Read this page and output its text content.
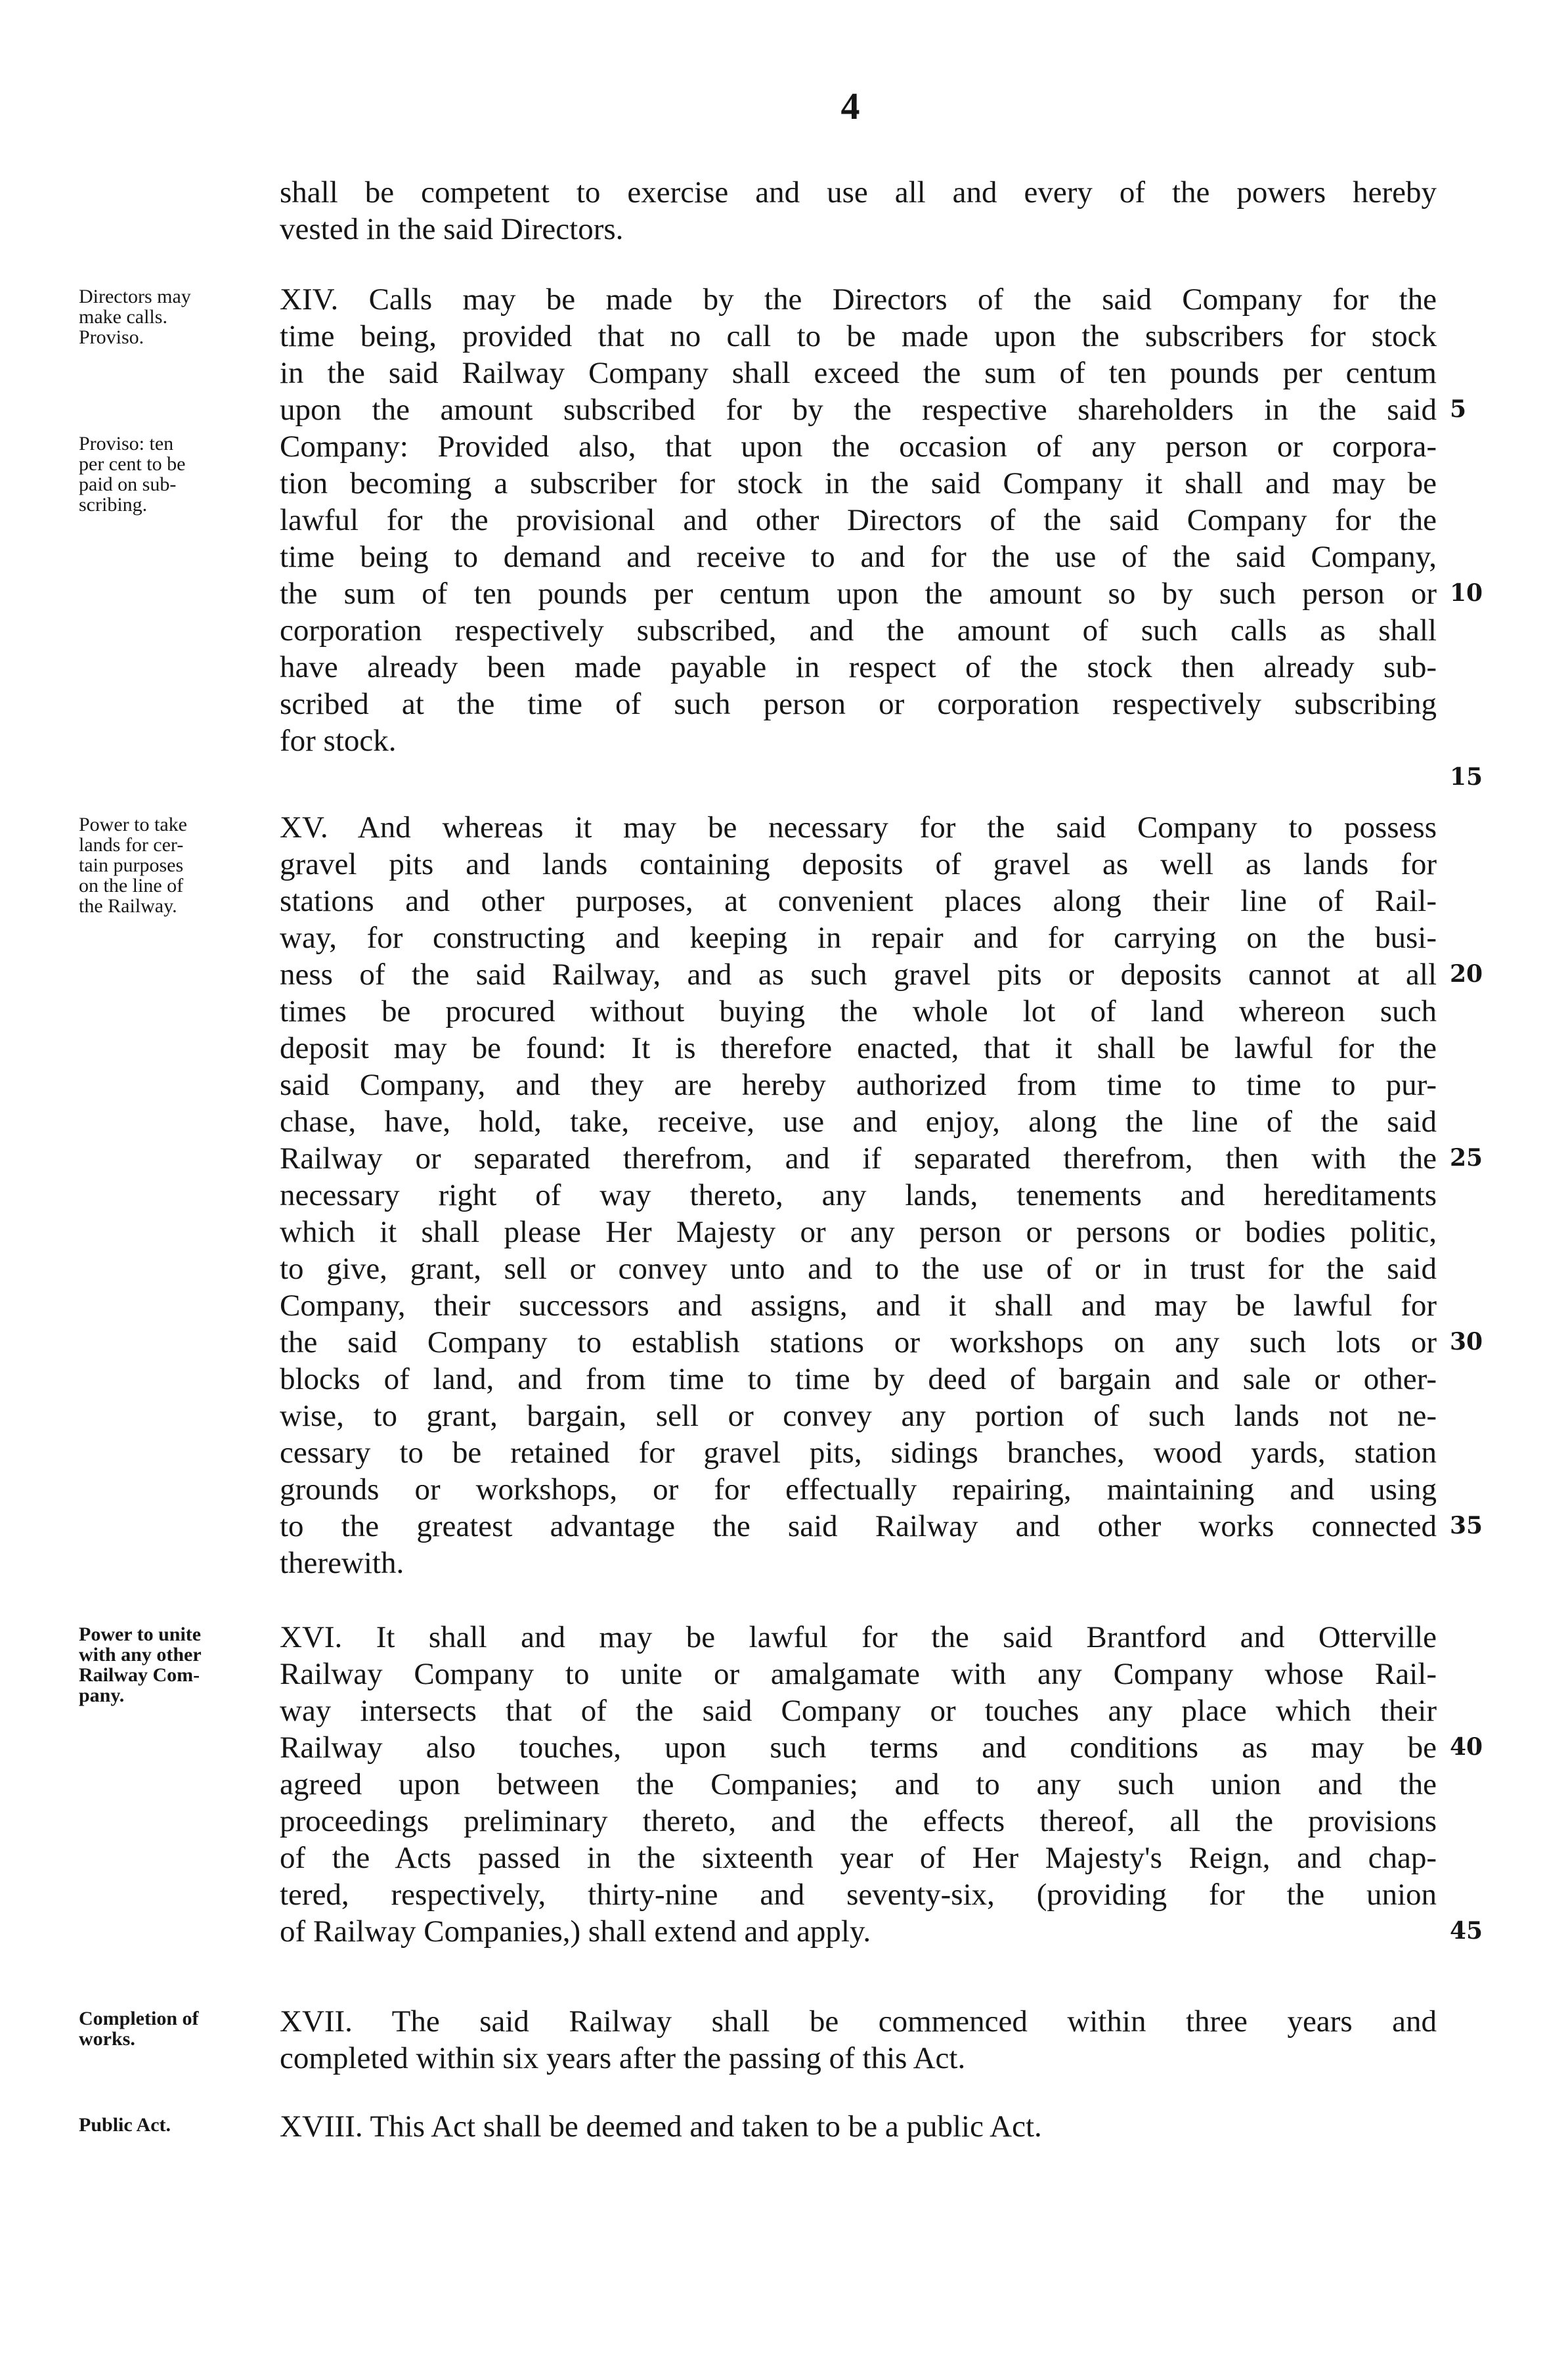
4
shall be competent to exercise and use all and every of the powers hereby
vested in the said Directors.
Directors may
make calls.
Proviso.
Proviso: ten
per cent to be
paid on sub-
scribing.
XIV. Calls may be made by the Directors of the said Company for the
time being, provided that no call to be made upon the subscribers for stock
in the said Railway Company shall exceed the sum of ten pounds per centum
upon the amount subscribed for by the respective shareholders in the said
Company: Provided also, that upon the occasion of any person or corpora-
tion becoming a subscriber for stock in the said Company it shall and may be
lawful for the provisional and other Directors of the said Company for the
time being to demand and receive to and for the use of the said Company,
the sum of ten pounds per centum upon the amount so by such person or
corporation respectively subscribed, and the amount of such calls as shall
have already been made payable in respect of the stock then already sub-
scribed at the time of such person or corporation respectively subscribing
for stock.
5
10
15
Power to take
lands for cer-
tain purposes
on the line of
the Railway.
XV. And whereas it may be necessary for the said Company to possess
gravel pits and lands containing deposits of gravel as well as lands for
stations and other purposes, at convenient places along their line of Rail-
way, for constructing and keeping in repair and for carrying on the busi-
ness of the said Railway, and as such gravel pits or deposits cannot at all
times be procured without buying the whole lot of land whereon such
deposit may be found: It is therefore enacted, that it shall be lawful for the
said Company, and they are hereby authorized from time to time to pur-
chase, have, hold, take, receive, use and enjoy, along the line of the said
Railway or separated therefrom, and if separated therefrom, then with the
necessary right of way thereto, any lands, tenements and hereditaments
which it shall please Her Majesty or any person or persons or bodies politic,
to give, grant, sell or convey unto and to the use of or in trust for the said
Company, their successors and assigns, and it shall and may be lawful for
the said Company to establish stations or workshops on any such lots or
blocks of land, and from time to time by deed of bargain and sale or other-
wise, to grant, bargain, sell or convey any portion of such lands not ne-
cessary to be retained for gravel pits, sidings branches, wood yards, station
grounds or workshops, or for effectually repairing, maintaining and using
to the greatest advantage the said Railway and other works connected
therewith.
20
25
30
35
Power to unite
with any other
Railway Com-
pany.
XVI. It shall and may be lawful for the said Brantford and Otterville
Railway Company to unite or amalgamate with any Company whose Rail-
way intersects that of the said Company or touches any place which their
Railway also touches, upon such terms and conditions as may be
agreed upon between the Companies; and to any such union and the
proceedings preliminary thereto, and the effects thereof, all the provisions
of the Acts passed in the sixteenth year of Her Majesty's Reign, and chap-
tered, respectively, thirty-nine and seventy-six, (providing for the union
of Railway Companies,) shall extend and apply.
40
45
Completion of
works.
XVII. The said Railway shall be commenced within three years and
completed within six years after the passing of this Act.
Public Act.	XVIII. This Act shall be deemed and taken to be a public Act.
